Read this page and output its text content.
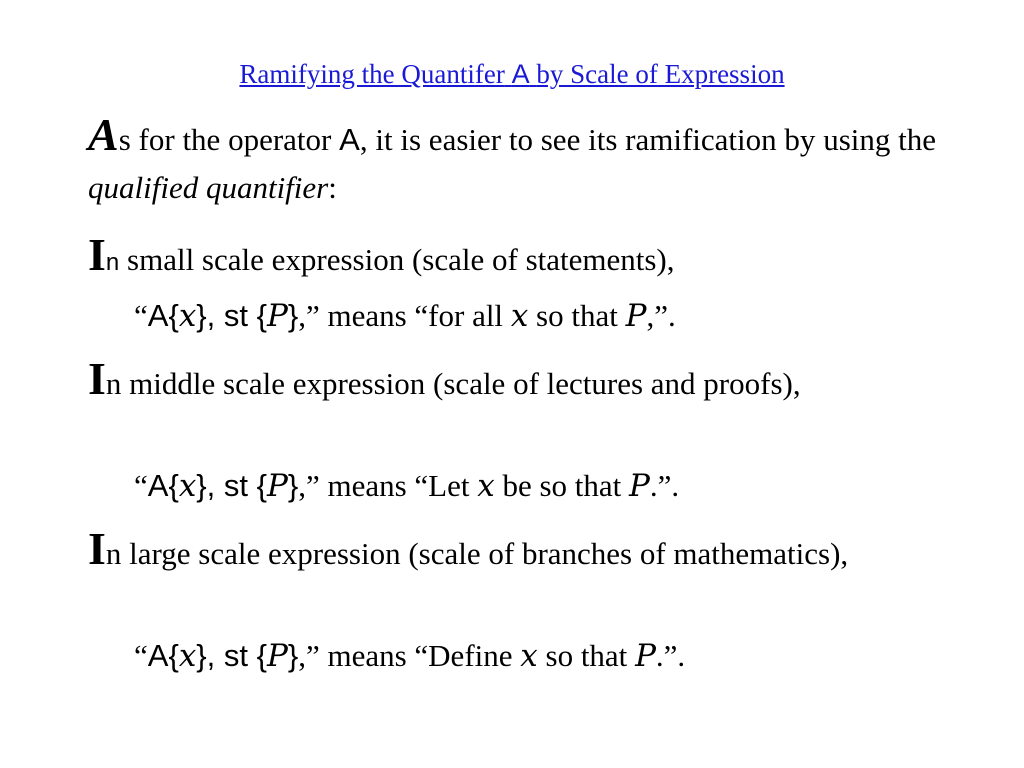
Ramifying the Quantifer A by Scale of Expression
As for the operator A, it is easier to see its ramification by using the qualified quantifier:
In small scale expression (scale of statements),
“A{x}, st {P},” means “for all x so that P,”.
In middle scale expression (scale of lectures and proofs),
“A{x}, st {P},” means “Let x be so that P.”.
In large scale expression (scale of branches of mathematics),
“A{x}, st {P},” means “Define x so that P.”.
